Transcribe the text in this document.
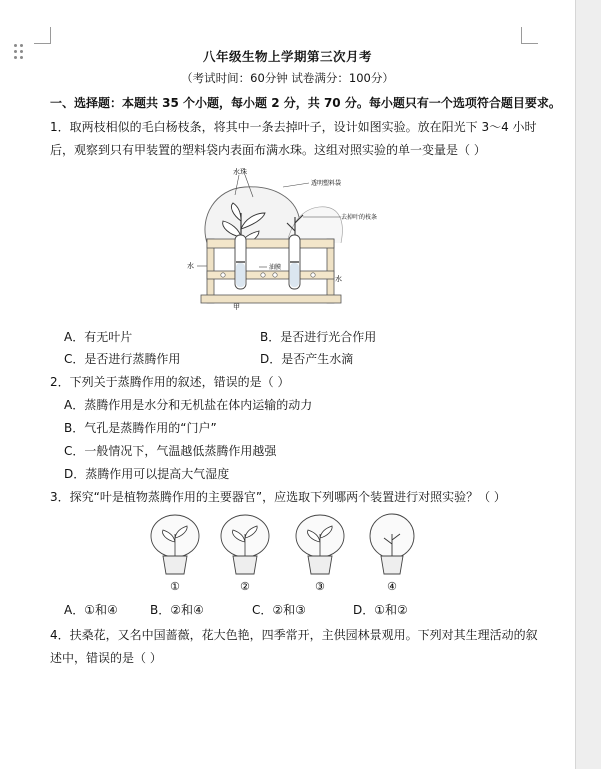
八年级生物上学期第三次月考
（考试时间：60分钟 试卷满分：100分）
一、选择题：本题共 35 个小题，每小题 2 分，共 70 分。每小题只有一个选项符合题目要求。
1．取两枝相似的毛白杨枝条，将其中一条去掉叶子，设计如图实验。放在阳光下 3～4 小时
后，观察到只有甲装置的塑料袋内表面布满水珠。这组对照实验的单一变量是（ ）
水珠
透明塑料袋
去掉叶的枝条
水
水
油膜
甲
A．有无叶片	B．是否进行光合作用
C．是否进行蒸腾作用	D．是否产生水滴
2．下列关于蒸腾作用的叙述，错误的是（ ）
A．蒸腾作用是水分和无机盐在体内运输的动力
B．气孔是蒸腾作用的“门户”
C．一般情况下，气温越低蒸腾作用越强
D．蒸腾作用可以提高大气湿度
3．探究“叶是植物蒸腾作用的主要器官”，应选取下列哪两个装置进行对照实验？（ ）
①	②	③	④
A．①和④	B．②和④	C．②和③	D．①和②
4．扶桑花，又名中国蔷薇，花大色艳，四季常开，主供园林景观用。下列对其生理活动的叙
述中，错误的是（ ）
